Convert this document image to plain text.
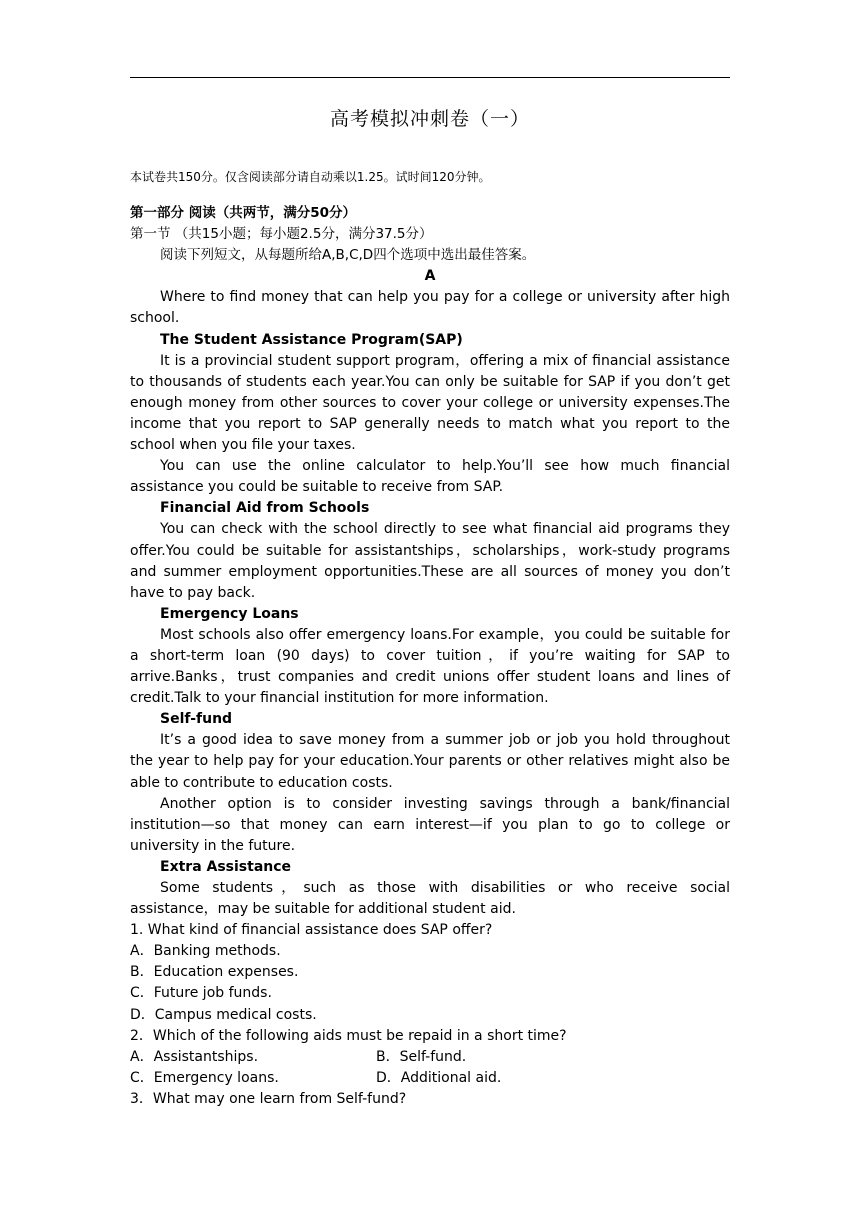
高考模拟冲刺卷（一）
本试卷共150分。仅含阅读部分请自动乘以1.25。试时间120分钟。

第一部分 阅读（共两节，满分50分）

第一节 （共15小题；每小题2.5分，满分37.5分）

阅读下列短文，从每题所给A,B,C,D四个选项中选出最佳答案。

A

Where to find money that can help you pay for a college or university after high school.

The Student Assistance Program(SAP)

It is a provincial student support program，offering a mix of financial assistance to thousands of students each year.You can only be suitable for SAP if you don’t get enough money from other sources to cover your college or university expenses.The income that you report to SAP generally needs to match what you report to the school when you file your taxes.

You can use the online calculator to help.You’ll see how much financial assistance you could be suitable to receive from SAP.

Financial Aid from Schools

You can check with the school directly to see what financial aid programs they offer.You could be suitable for assistantships，scholarships，work-study programs and summer employment opportunities.These are all sources of money you don’t have to pay back.

Emergency Loans

Most schools also offer emergency loans.For example，you could be suitable for a short-term loan (90 days) to cover tuition，if you’re waiting for SAP to arrive.Banks，trust companies and credit unions offer student loans and lines of credit.Talk to your financial institution for more information.

Self-fund

It’s a good idea to save money from a summer job or job you hold throughout the year to help pay for your education.Your parents or other relatives might also be able to contribute to education costs.

Another option is to consider investing savings through a bank/financial institution—so that money can earn interest—if you plan to go to college or university in the future.

Extra Assistance

Some students，such as those with disabilities or who receive social assistance，may be suitable for additional student aid.

1. What kind of financial assistance does SAP offer?

A．Banking methods.

B．Education expenses.

C．Future job funds.

D．Campus medical costs.

2．Which of the following aids must be repaid in a short time?

A．Assistantships.	B．Self-fund.

C．Emergency loans.	D．Additional aid.

3．What may one learn from Self-fund?
